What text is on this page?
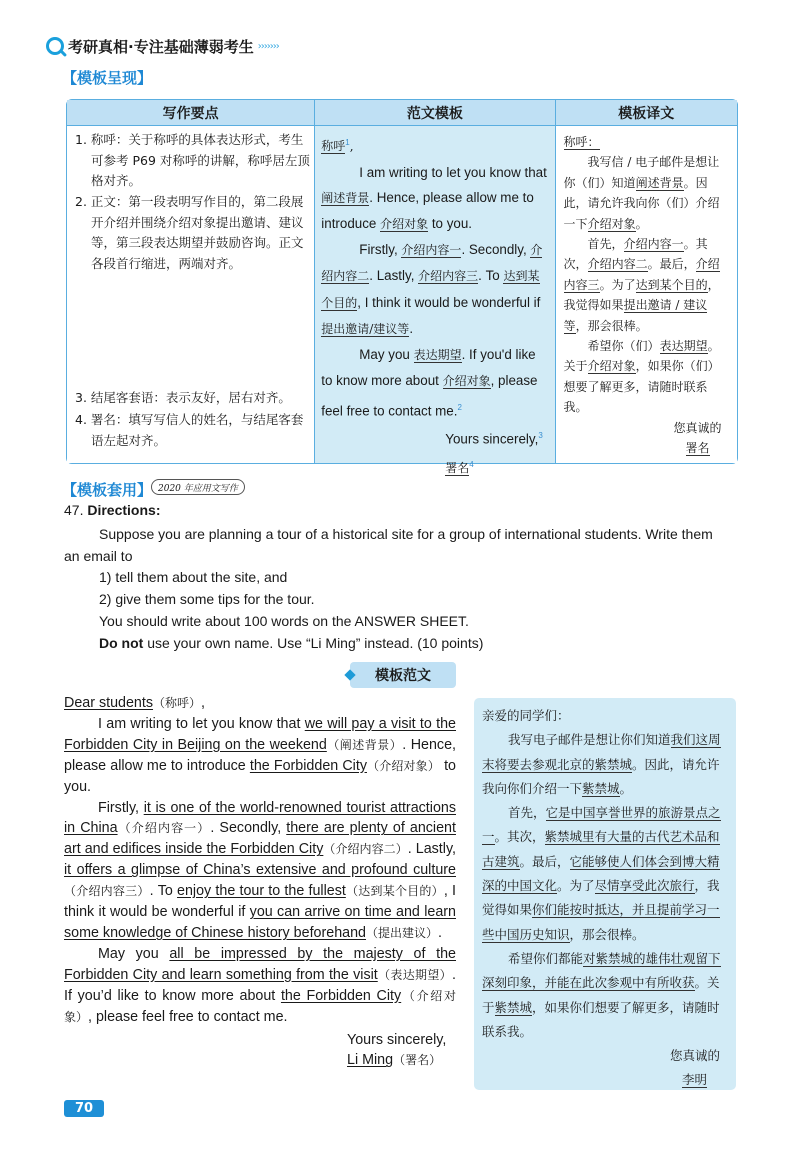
考研真相·专注基础薄弱考生 ›››››››
【模板呈现】
写作要点	范文模板	模板译文
1. 称呼：关于称呼的具体表达形式，考生可参考 P69 对称呼的讲解，称呼居左顶格对齐。
2. 正文：第一段表明写作目的，第二段展开介绍并围绕介绍对象提出邀请、建议等，第三段表达期望并鼓励咨询。正文各段首行缩进，两端对齐。
3. 结尾客套语：表示友好，居右对齐。
4. 署名：填写写信人的姓名，与结尾客套语左起对齐。
称呼$^1$,
I am writing to let you know that 阐述背景. Hence, please allow me to introduce 介绍对象 to you.
Firstly, 介绍内容一. Secondly, 介绍内容二. Lastly, 介绍内容三. To 达到某个目的, I think it would be wonderful if 提出邀请/建议等.
May you 表达期望. If you'd like to know more about 介绍对象, please feel free to contact me.$^2$
Yours sincerely,$^3$
署名$^4$
称呼：
我写信 / 电子邮件是想让你（们）知道阐述背景。因此，请允许我向你（们）介绍一下介绍对象。
首先，介绍内容一。其次，介绍内容二。最后，介绍内容三。为了达到某个目的，我觉得如果提出邀请 / 建议等，那会很棒。
希望你（们）表达期望。关于介绍对象，如果你（们）想要了解更多，请随时联系我。
您真诚的
署名
【模板套用】 2020 年应用文写作
47. Directions:
Suppose you are planning a tour of a historical site for a group of international students. Write them
an email to
1) tell them about the site, and
2) give them some tips for the tour.
You should write about 100 words on the ANSWER SHEET.
Do not use your own name. Use “Li Ming” instead. (10 points)
模板范文

Dear students（称呼）,

I am writing to let you know that we will pay a visit to the Forbidden City in Beijing on the weekend（阐述背景）. Hence, please allow me to introduce the Forbidden City（介绍对象） to you.

Firstly, it is one of the world-renowned tourist attractions in China（介绍内容一）. Secondly, there are plenty of ancient art and edifices inside the Forbidden City（介绍内容二）. Lastly, it offers a glimpse of China’s extensive and profound culture（介绍内容三）. To enjoy the tour to the fullest（达到某个目的）, I think it would be wonderful if you can arrive on time and learn some knowledge of Chinese history beforehand（提出建议）.

May you all be impressed by the majesty of the Forbidden City and learn something from the visit（表达期望）. If you’d like to know more about the Forbidden City（介绍对象）, please feel free to contact me.

Yours sincerely,

Li Ming（署名）

亲爱的同学们：
我写电子邮件是想让你们知道我们这周末将要去参观北京的紫禁城。因此，请允许我向你们介绍一下紫禁城。
首先，它是中国享誉世界的旅游景点之一。其次，紫禁城里有大量的古代艺术品和古建筑。最后，它能够使人们体会到博大精深的中国文化。为了尽情享受此次旅行，我觉得如果你们能按时抵达，并且提前学习一些中国历史知识，那会很棒。
希望你们都能对紫禁城的雄伟壮观留下深刻印象，并能在此次参观中有所收获。关于紫禁城，如果你们想要了解更多，请随时联系我。
您真诚的
李明
70
